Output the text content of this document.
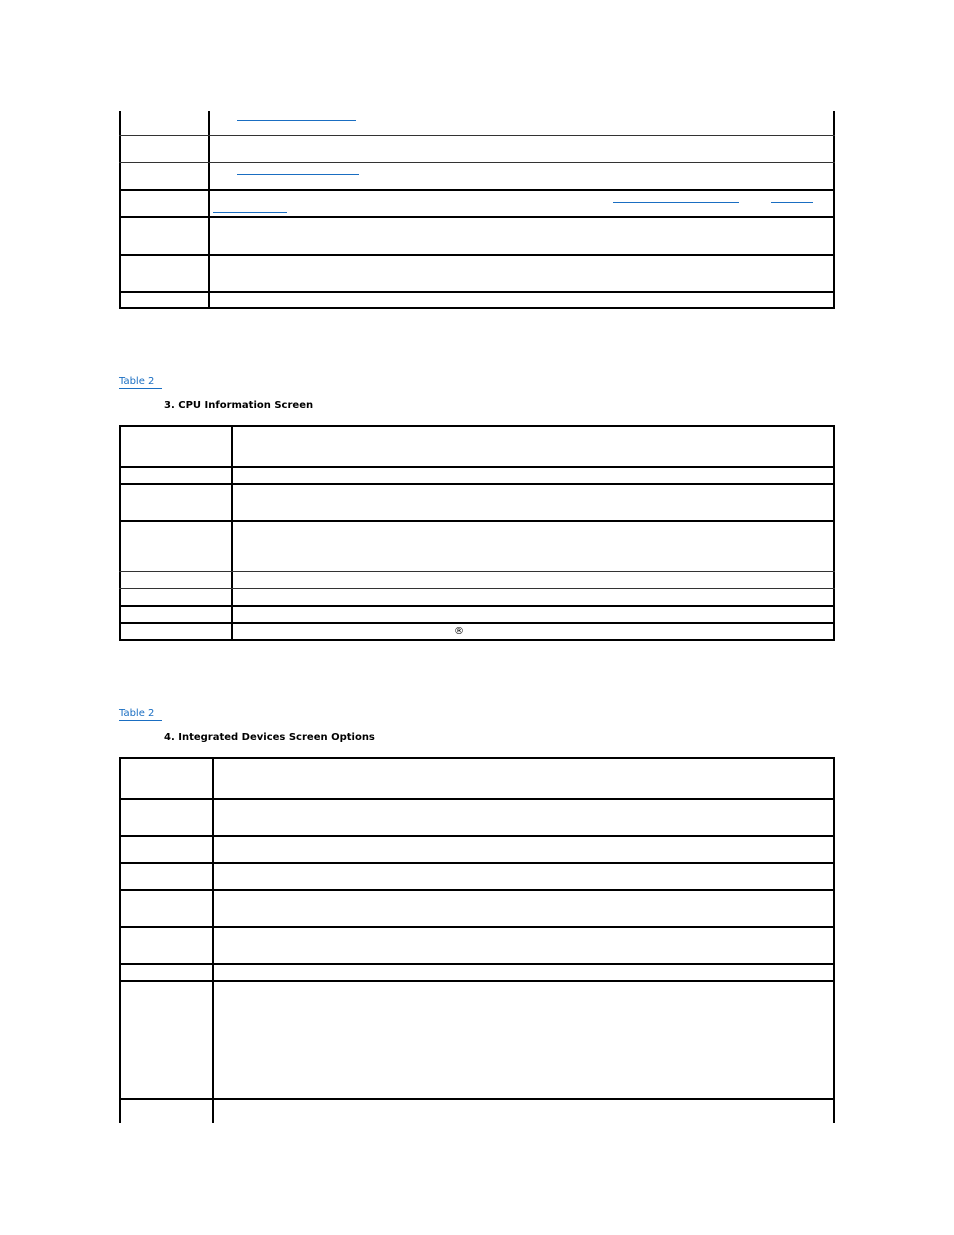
Table 2
3. CPU Information Screen
®
Table 2
4. Integrated Devices Screen Options
